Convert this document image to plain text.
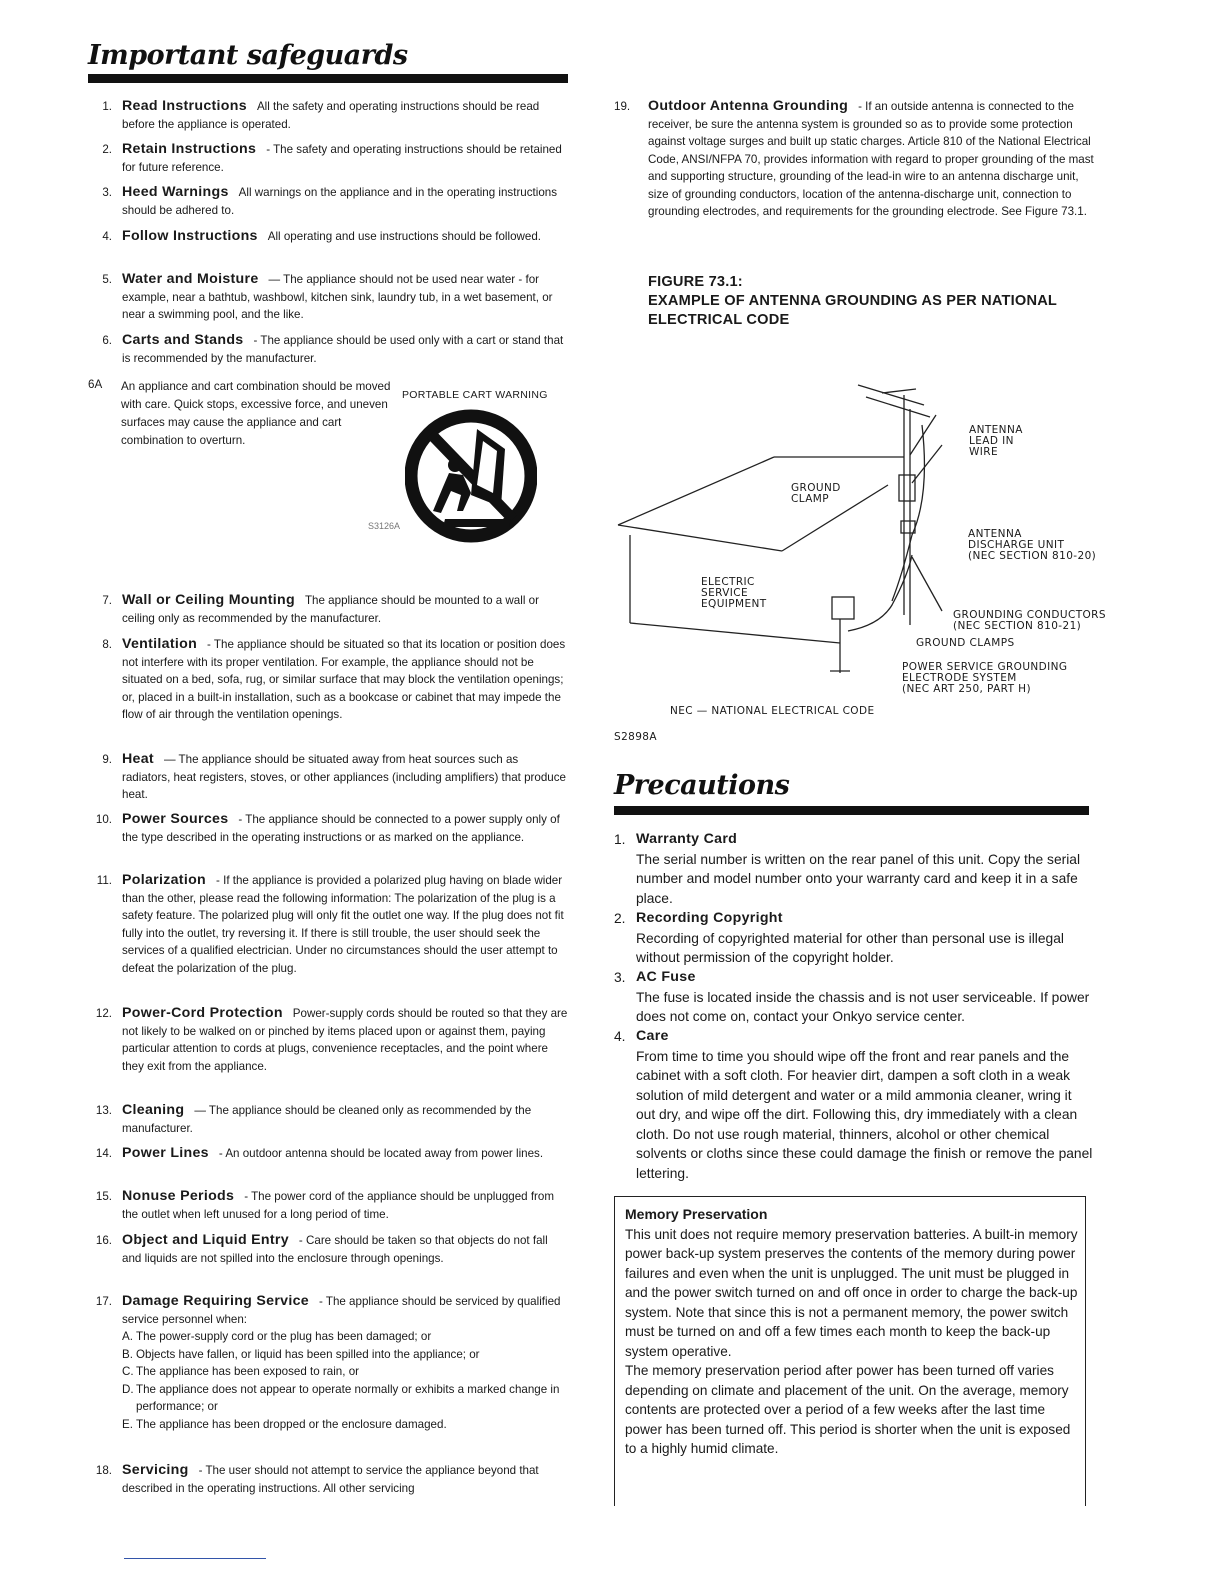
Important safeguards
1. Read Instructions All the safety and operating instructions should be read before the appliance is operated.
2. Retain Instructions - The safety and operating instructions should be retained for future reference.
3. Heed Warnings All warnings on the appliance and in the operating instructions should be adhered to.
4. Follow Instructions All operating and use instructions should be followed.
5. Water and Moisture — The appliance should not be used near water - for example, near a bathtub, washbowl, kitchen sink, laundry tub, in a wet basement, or near a swimming pool, and the like.
6. Carts and Stands - The appliance should be used only with a cart or stand that is recommended by the manufacturer.
6A	An appliance and cart combination should be moved with care. Quick stops, excessive force, and uneven surfaces may cause the appliance and cart combination to overturn.
PORTABLE CART WARNING
S3126A
7. Wall or Ceiling Mounting The appliance should be mounted to a wall or ceiling only as recommended by the manufacturer.
8. Ventilation - The appliance should be situated so that its location or position does not interfere with its proper ventilation. For example, the appliance should not be situated on a bed, sofa, rug, or similar surface that may block the ventilation openings; or, placed in a built-in installation, such as a bookcase or cabinet that may impede the flow of air through the ventilation openings.
9. Heat — The appliance should be situated away from heat sources such as radiators, heat registers, stoves, or other appliances (including amplifiers) that produce heat.
10. Power Sources - The appliance should be connected to a power supply only of the type described in the operating instructions or as marked on the appliance.
11. Polarization - If the appliance is provided a polarized plug having on blade wider than the other, please read the following information: The polarization of the plug is a safety feature. The polarized plug will only fit the outlet one way. If the plug does not fit fully into the outlet, try reversing it. If there is still trouble, the user should seek the services of a qualified electrician. Under no circumstances should the user attempt to defeat the polarization of the plug.
12. Power-Cord Protection Power-supply cords should be routed so that they are not likely to be walked on or pinched by items placed upon or against them, paying particular attention to cords at plugs, convenience receptacles, and the point where they exit from the appliance.
13. Cleaning — The appliance should be cleaned only as recommended by the manufacturer.
14. Power Lines - An outdoor antenna should be located away from power lines.
15. Nonuse Periods - The power cord of the appliance should be unplugged from the outlet when left unused for a long period of time.
16. Object and Liquid Entry - Care should be taken so that objects do not fall and liquids are not spilled into the enclosure through openings.
17. Damage Requiring Service - The appliance should be serviced by qualified service personnel when:
A. The power-supply cord or the plug has been damaged; or
B. Objects have fallen, or liquid has been spilled into the appliance; or
C. The appliance has been exposed to rain, or
D. The appliance does not appear to operate normally or exhibits a marked change in performance; or
E. The appliance has been dropped or the enclosure damaged.
18. Servicing - The user should not attempt to service the appliance beyond that described in the operating instructions. All other servicing
19. Outdoor Antenna Grounding - If an outside antenna is connected to the receiver, be sure the antenna system is grounded so as to provide some protection against voltage surges and built up static charges. Article 810 of the National Electrical Code, ANSI/NFPA 70, provides information with regard to proper grounding of the mast and supporting structure, grounding of the lead-in wire to an antenna discharge unit, size of grounding conductors, location of the antenna-discharge unit, connection to grounding electrodes, and requirements for the grounding electrode. See Figure 73.1.
FIGURE 73.1:
EXAMPLE OF ANTENNA GROUNDING AS PER NATIONAL ELECTRICAL CODE
ANTENNA
LEAD IN
WIRE
GROUND
CLAMP
ANTENNA
DISCHARGE UNIT
(NEC SECTION 810-20)
ELECTRIC
SERVICE
EQUIPMENT
GROUNDING CONDUCTORS
(NEC SECTION 810-21)
GROUND CLAMPS
POWER SERVICE GROUNDING
ELECTRODE SYSTEM
(NEC ART 250, PART H)
NEC — NATIONAL ELECTRICAL CODE
S2898A
Precautions
1. Warranty Card
The serial number is written on the rear panel of this unit. Copy the serial number and model number onto your warranty card and keep it in a safe place.
2. Recording Copyright
Recording of copyrighted material for other than personal use is illegal without permission of the copyright holder.
3. AC Fuse
The fuse is located inside the chassis and is not user serviceable. If power does not come on, contact your Onkyo service center.
4. Care
From time to time you should wipe off the front and rear panels and the cabinet with a soft cloth. For heavier dirt, dampen a soft cloth in a weak solution of mild detergent and water or a mild ammonia cleaner, wring it out dry, and wipe off the dirt. Following this, dry immediately with a clean cloth. Do not use rough material, thinners, alcohol or other chemical solvents or cloths since these could damage the finish or remove the panel lettering.
Memory Preservation
This unit does not require memory preservation batteries. A built-in memory power back-up system preserves the contents of the memory during power failures and even when the unit is unplugged. The unit must be plugged in and the power switch turned on and off once in order to charge the back-up system. Note that since this is not a permanent memory, the power switch must be turned on and off a few times each month to keep the back-up system operative.
The memory preservation period after power has been turned off varies depending on climate and placement of the unit. On the average, memory contents are protected over a period of a few weeks after the last time power has been turned off. This period is shorter when the unit is exposed to a highly humid climate.
